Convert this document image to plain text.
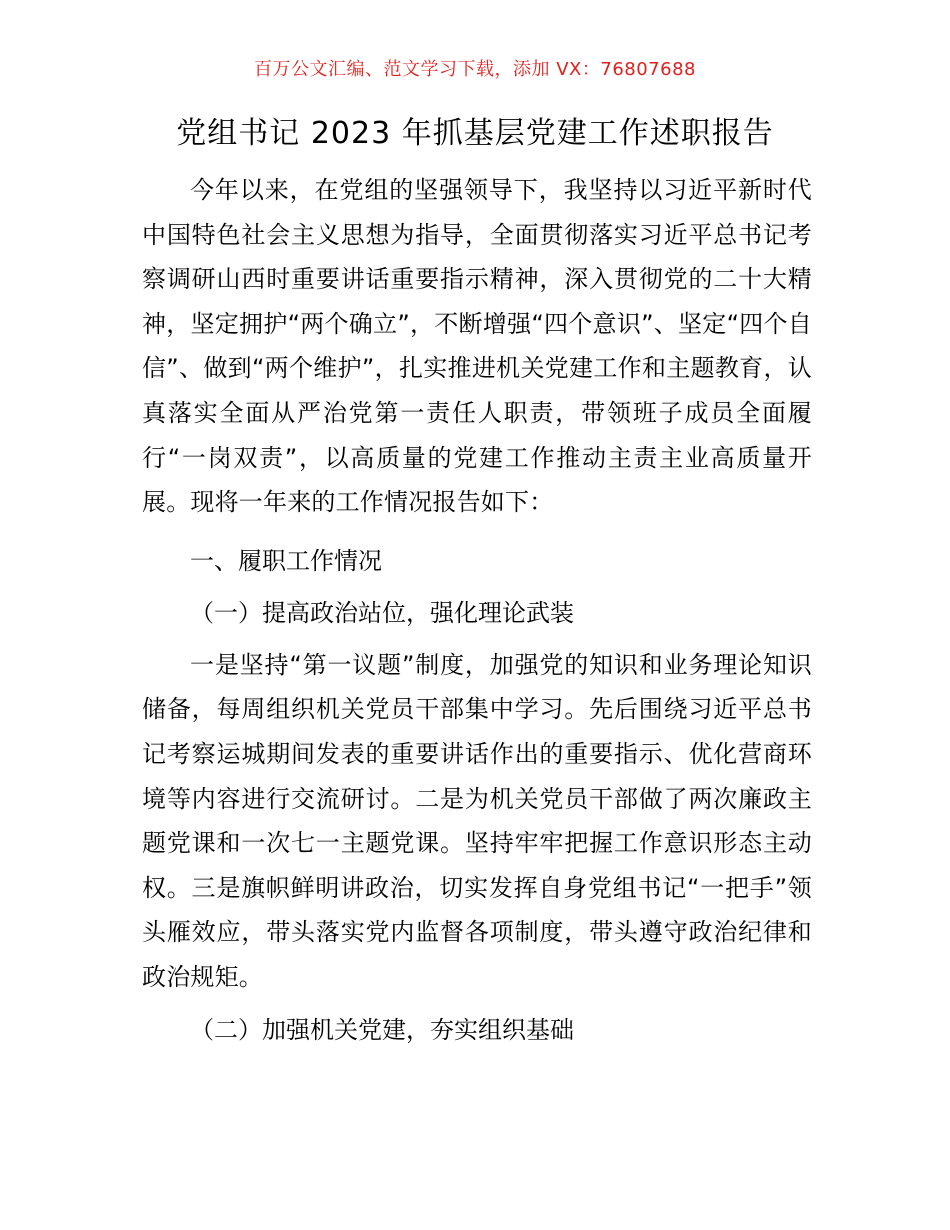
百万公文汇编、范文学习下载，添加 VX：76807688
党组书记 2023 年抓基层党建工作述职报告

今年以来，在党组的坚强领导下，我坚持以习近平新时代中国特色社会主义思想为指导，全面贯彻落实习近平总书记考察调研山西时重要讲话重要指示精神，深入贯彻党的二十大精神，坚定拥护“两个确立”，不断增强“四个意识”、坚定“四个自信”、做到“两个维护”，扎实推进机关党建工作和主题教育，认真落实全面从严治党第一责任人职责，带领班子成员全面履行“一岗双责”，以高质量的党建工作推动主责主业高质量开展。现将一年来的工作情况报告如下：

一、履职工作情况

（一）提高政治站位，强化理论武装

一是坚持“第一议题”制度，加强党的知识和业务理论知识储备，每周组织机关党员干部集中学习。先后围绕习近平总书记考察运城期间发表的重要讲话作出的重要指示、优化营商环境等内容进行交流研讨。二是为机关党员干部做了两次廉政主题党课和一次七一主题党课。坚持牢牢把握工作意识形态主动权。三是旗帜鲜明讲政治，切实发挥自身党组书记“一把手”领头雁效应，带头落实党内监督各项制度，带头遵守政治纪律和政治规矩。

（二）加强机关党建，夯实组织基础
